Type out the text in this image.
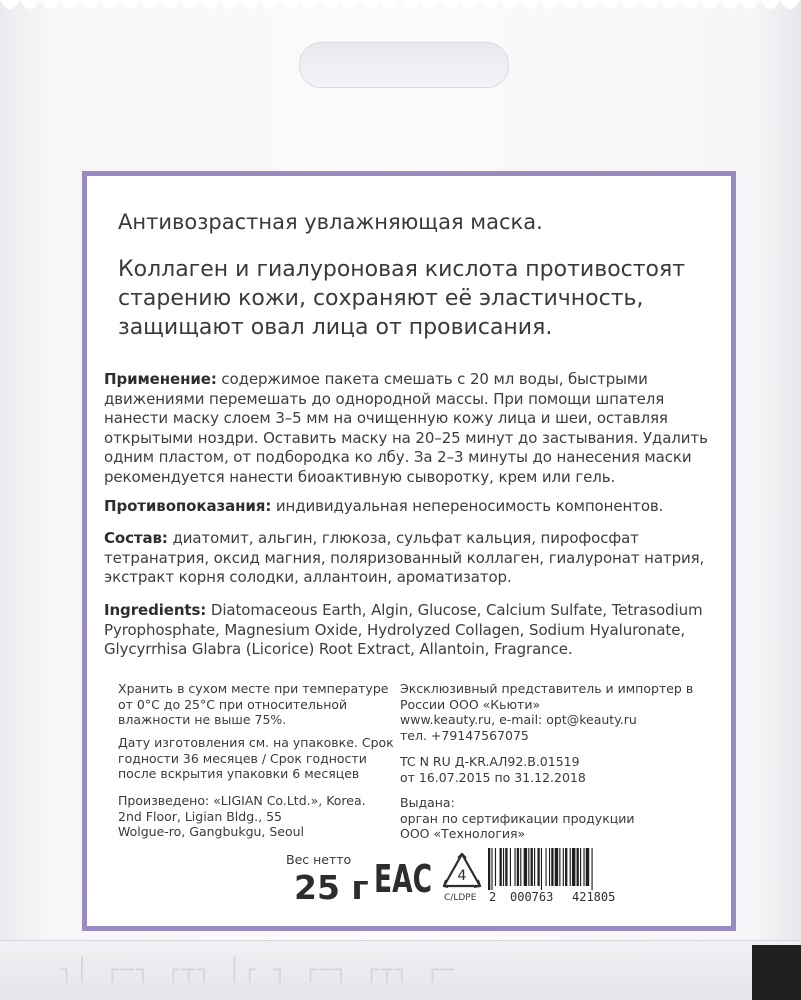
┐│ ┌─┐ ┌┬┐ │┌ ┐ ┌─┐ ┌┬┐ ┌─
Антивозрастная увлажняющая маска.
Коллаген и гиалуроновая кислота противостоят старению кожи, сохраняют её эластичность, защищают овал лица от провисания.
Применение: содержимое пакета смешать с 20 мл воды, быстрыми движениями перемешать до однородной массы. При помощи шпателя нанести маску слоем 3–5 мм на очищенную кожу лица и шеи, оставляя открытыми ноздри. Оставить маску на 20–25 минут до застывания. Удалить одним пластом, от подбородка ко лбу. За 2–3 минуты до нанесения маски рекомендуется нанести биоактивную сыворотку, крем или гель.
Противопоказания: индивидуальная непереносимость компонентов.
Состав: диатомит, альгин, глюкоза, сульфат кальция, пирофосфат тетранатрия, оксид магния, поляризованный коллаген, гиалуронат натрия, экстракт корня солодки, аллантоин, ароматизатор.
Ingredients: Diatomaceous Earth, Algin, Glucose, Calcium Sulfate, Tetrasodium Pyrophosphate, Magnesium Oxide, Hydrolyzed Collagen, Sodium Hyaluronate, Glycyrrhisa Glabra (Licorice) Root Extract, Allantoin, Fragrance.
Хранить в сухом месте при температуре
от 0°С до 25°С при относительной
влажности не выше 75%.
Дату изготовления см. на упаковке. Срок
годности 36 месяцев / Срок годности
после вскрытия упаковки 6 месяцев
Произведено: «LIGIAN Co.Ltd.», Korea.
2nd Floor, Ligian Bldg., 55
Wolgue-ro, Gangbukgu, Seoul
Эксклюзивный представитель и импортер в
России ООО «Кьюти»
www.keauty.ru, e-mail: opt@keauty.ru
тел. +79147567075
TC N RU Д-KR.АЛ92.В.01519
от 16.07.2015 по 31.12.2018
Выдана:
орган по сертификации продукции
ООО «Технология»
Вес нетто
25 г EAC 4
C/LDPE 2 000763 421805
